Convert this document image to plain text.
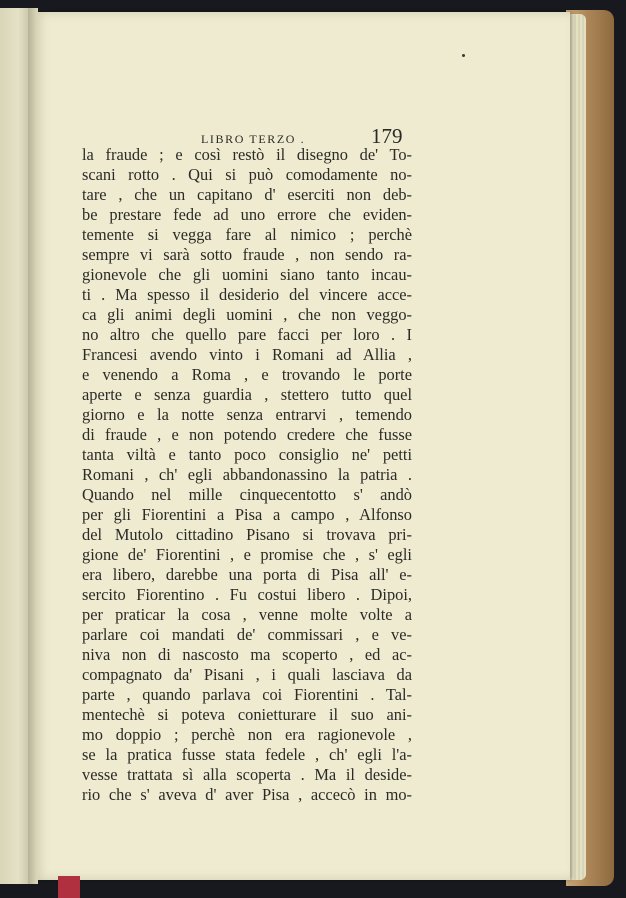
LIBRO TERZO .	179
la fraude ; e così restò il disegno de' To-
scani rotto . Qui si può comodamente no-
tare , che un capitano d' eserciti non deb-
be prestare fede ad uno errore che eviden-
temente si vegga fare al nimico ; perchè
sempre vi sarà sotto fraude , non sendo ra-
gionevole che gli uomini siano tanto incau-
ti . Ma spesso il desiderio del vincere acce-
ca gli animi degli uomini , che non veggo-
no altro che quello pare facci per loro . I
Francesi avendo vinto i Romani ad Allia ,
e venendo a Roma , e trovando le porte
aperte e senza guardia , stettero tutto quel
giorno e la notte senza entrarvi , temendo
di fraude , e non potendo credere che fusse
tanta viltà e tanto poco consiglio ne' petti
Romani , ch' egli abbandonassino la patria .
Quando nel mille cinquecentotto s' andò
per gli Fiorentini a Pisa a campo , Alfonso
del Mutolo cittadino Pisano si trovava pri-
gione de' Fiorentini , e promise che , s' egli
era libero, darebbe una porta di Pisa all' e-
sercito Fiorentino . Fu costui libero . Dipoi,
per praticar la cosa , venne molte volte a
parlare coi mandati de' commissari , e ve-
niva non di nascosto ma scoperto , ed ac-
compagnato da' Pisani , i quali lasciava da
parte , quando parlava coi Fiorentini . Tal-
mentechè si poteva conietturare il suo ani-
mo doppio ; perchè non era ragionevole ,
se la pratica fusse stata fedele , ch' egli l'a-
vesse trattata sì alla scoperta . Ma il deside-
rio che s' aveva d' aver Pisa , accecò in mo-
